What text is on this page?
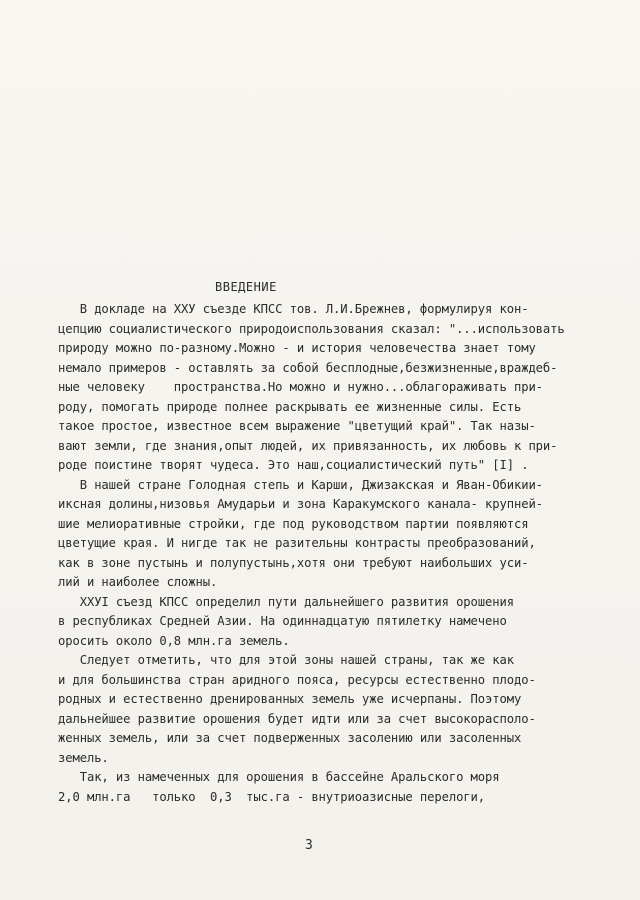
ВВЕДЕНИЕ
В докладе на XXУ съезде КПСС тов. Л.И.Брежнев, формулируя кон-
цепцию социалистического природоиспользования сказал: "...использовать
природу можно по-разному.Можно - и история человечества знает тому
немало примеров - оставлять за собой бесплодные,безжизненные,враждеб-
ные человеку    пространства.Но можно и нужно...облагораживать при-
роду, помогать природе полнее раскрывать ее жизненные силы. Есть
такое простое, известное всем выражение "цветущий край". Так назы-
вают земли, где знания,опыт людей, их привязанность, их любовь к при-
роде поистине творят чудеса. Это наш,социалистический путь" [I] .
В нашей стране Голодная степь и Карши, Джизакская и Яван-Обикии-
иксная долины,низовья Амударьи и зона Каракумского канала- крупней-
шие мелиоративные стройки, где под руководством партии появляются
цветущие края. И нигде так не разительны контрасты преобразований,
как в зоне пустынь и полупустынь,хотя они требуют наибольших уси-
лий и наиболее сложны.
XXУI съезд КПСС определил пути дальнейшего развития орошения
в республиках Средней Азии. На одиннадцатую пятилетку намечено
оросить около 0,8 млн.га земель.
Следует отметить, что для этой зоны нашей страны, так же как
и для большинства стран аридного пояса, ресурсы естественно плодо-
родных и естественно дренированных земель уже исчерпаны. Поэтому
дальнейшее развитие орошения будет идти или за счет высокорасполо-
женных земель, или за счет подверженных засолению или засоленных
земель.
Так, из намеченных для орошения в бассейне Аральского моря
2,0 млн.га   только  0,3  тыс.га - внутриоазисные перелоги,
3
